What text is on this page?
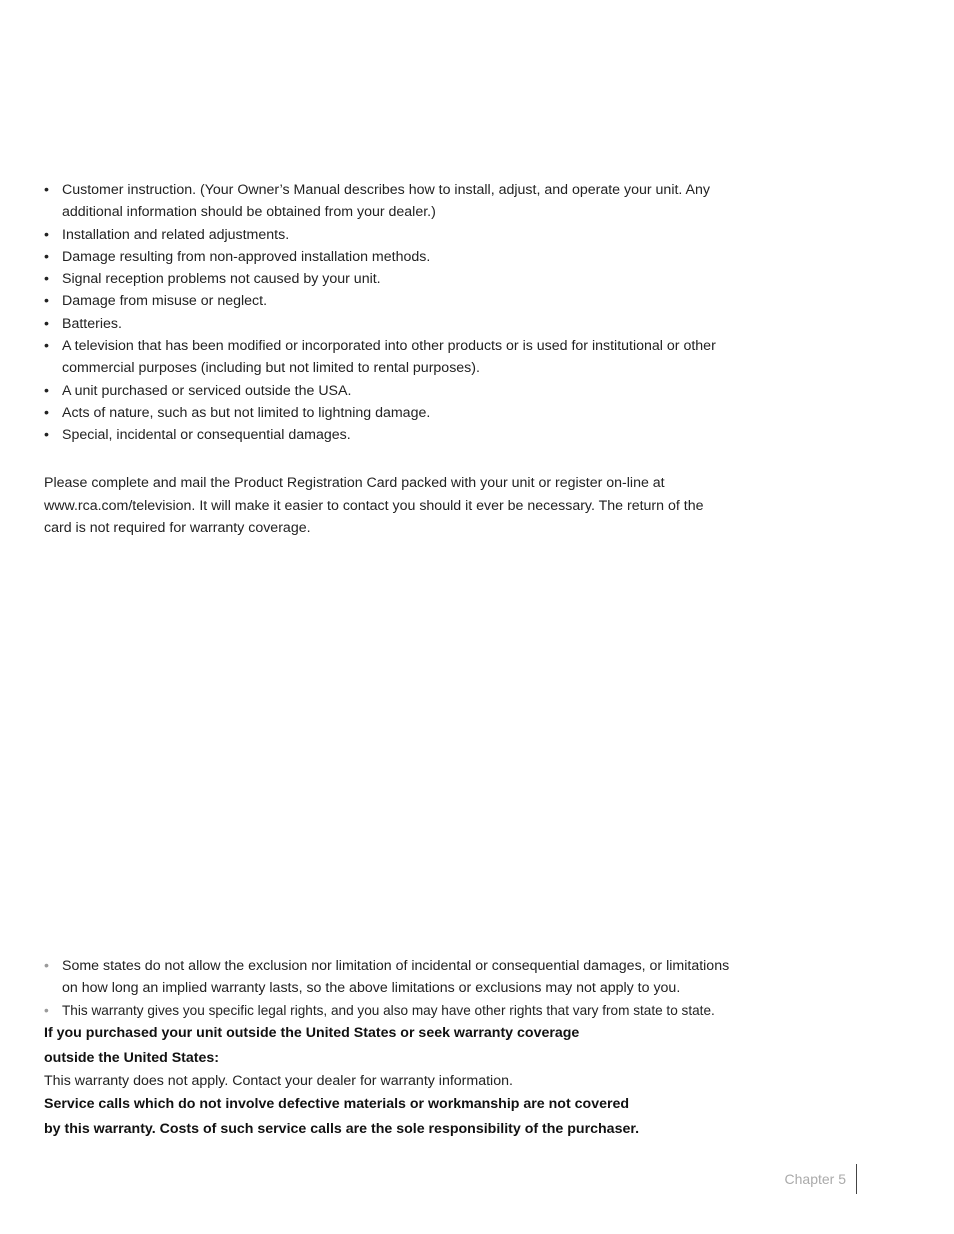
• Customer instruction. (Your Owner’s Manual describes how to install, adjust, and operate your unit. Any additional information should be obtained from your dealer.)
• Installation and related adjustments.
• Damage resulting from non-approved installation methods.
• Signal reception problems not caused by your unit.
• Damage from misuse or neglect.
• Batteries.
• A television that has been modified or incorporated into other products or is used for institutional or other commercial purposes (including but not limited to rental purposes).
• A unit purchased or serviced outside the USA.
• Acts of nature, such as but not limited to lightning damage.
• Special, incidental or consequential damages.

Please complete and mail the Product Registration Card packed with your unit or register on-line at www.rca.com/television. It will make it easier to contact you should it ever be necessary. The return of the card is not required for warranty coverage.

• Some states do not allow the exclusion nor limitation of incidental or consequential damages, or limitations on how long an implied warranty lasts, so the above limitations or exclusions may not apply to you.
• This warranty gives you specific legal rights, and you also may have other rights that vary from state to state.
If you purchased your unit outside the United States or seek warranty coverage
outside the United States:

This warranty does not apply. Contact your dealer for warranty information.

Service calls which do not involve defective materials or workmanship are not covered
by this warranty. Costs of such service calls are the sole responsibility of the purchaser.
Chapter 5
